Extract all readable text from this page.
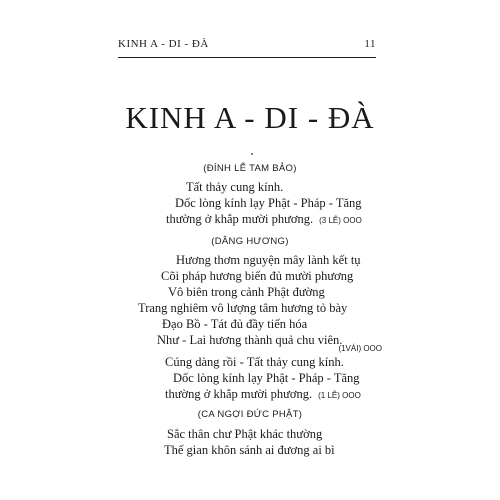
KINH A - DI - ĐÀ	11
KINH A - DI - ĐÀ
(ĐÍNH LỄ TAM BẢO)
Tất thảy cung kính.
Dốc lòng kính lạy Phật - Pháp - Tăng
thường ở khắp mười phương. (3 LỄ) OOO
(DÂNG HƯƠNG)
Hương thơm nguyện mây lành kết tụ
Cõi pháp hương biến đủ mười phương
Vô biên trong cảnh Phật đường
Trang nghiêm vô lượng tâm hương tỏ bày
Đạo Bồ - Tát đủ đầy tiến hóa
Như - Lai hương thành quả chu viên.
(1VÁI) OOO
Cúng dàng rồi - Tất thảy cung kính.
Dốc lòng kính lạy Phật - Pháp - Tăng
thường ở khắp mười phương. (1 LỄ) OOO
(CA NGỢI ĐỨC PHẬT)
Sắc thân chư Phật khác thường
Thế gian khôn sánh ai đương ai bì
